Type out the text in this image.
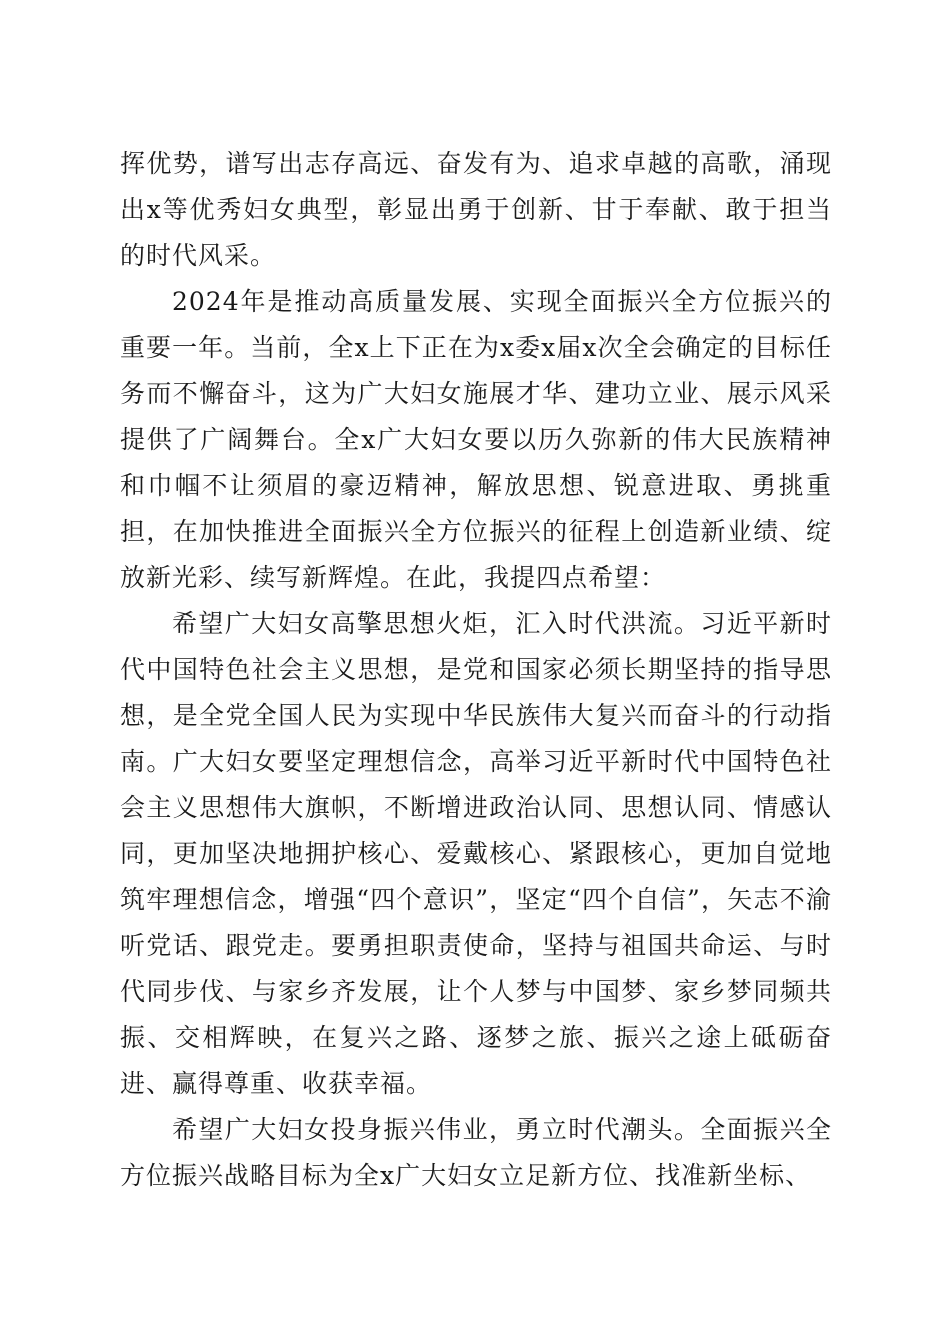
挥优势，谱写出志存高远、奋发有为、追求卓越的高歌，涌现出x等优秀妇女典型，彰显出勇于创新、甘于奉献、敢于担当的时代风采。

2024年是推动高质量发展、实现全面振兴全方位振兴的重要一年。当前，全x上下正在为x委x届x次全会确定的目标任务而不懈奋斗，这为广大妇女施展才华、建功立业、展示风采提供了广阔舞台。全x广大妇女要以历久弥新的伟大民族精神和巾帼不让须眉的豪迈精神，解放思想、锐意进取、勇挑重担，在加快推进全面振兴全方位振兴的征程上创造新业绩、绽放新光彩、续写新辉煌。在此，我提四点希望：

希望广大妇女高擎思想火炬，汇入时代洪流。习近平新时代中国特色社会主义思想，是党和国家必须长期坚持的指导思想，是全党全国人民为实现中华民族伟大复兴而奋斗的行动指南。广大妇女要坚定理想信念，高举习近平新时代中国特色社会主义思想伟大旗帜，不断增进政治认同、思想认同、情感认同，更加坚决地拥护核心、爱戴核心、紧跟核心，更加自觉地筑牢理想信念，增强“四个意识”，坚定“四个自信”，矢志不渝听党话、跟党走。要勇担职责使命，坚持与祖国共命运、与时代同步伐、与家乡齐发展，让个人梦与中国梦、家乡梦同频共振、交相辉映，在复兴之路、逐梦之旅、振兴之途上砥砺奋进、赢得尊重、收获幸福。

希望广大妇女投身振兴伟业，勇立时代潮头。全面振兴全方位振兴战略目标为全x广大妇女立足新方位、找准新坐标、
